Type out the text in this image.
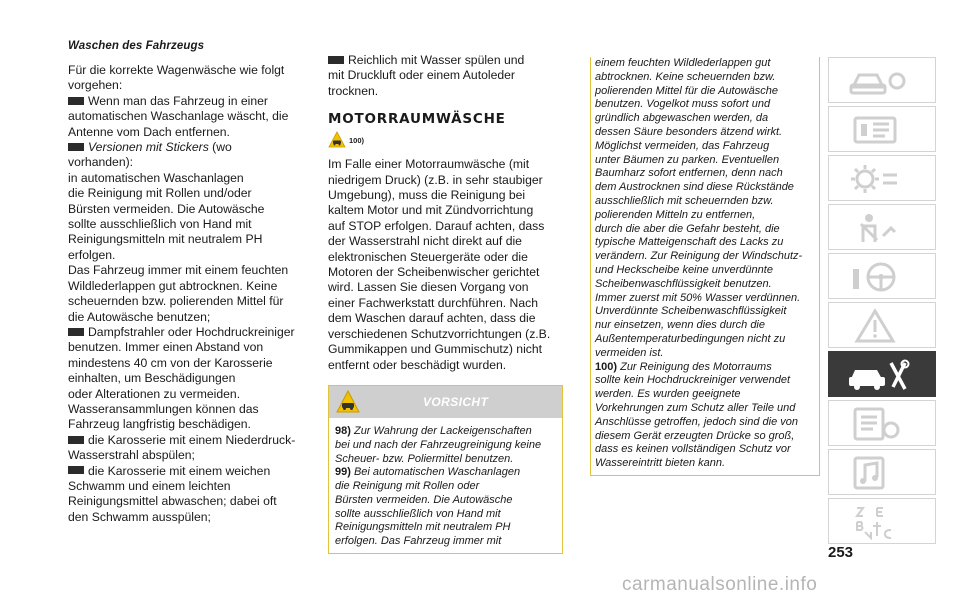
Waschen des Fahrzeugs

Für die korrekte Wagenwäsche wie folgt
vorgehen:

Wenn man das Fahrzeug in einer

automatischen Waschanlage wäscht, die
Antenne vom Dach entfernen.

Versionen mit Stickers (wo vorhanden):

in automatischen Waschanlagen
die Reinigung mit Rollen und/oder
Bürsten vermeiden. Die Autowäsche
sollte ausschließlich von Hand mit
Reinigungsmitteln mit neutralem PH
erfolgen.
Das Fahrzeug immer mit einem feuchten
Wildlederlappen gut abtrocknen. Keine
scheuernden bzw. polierenden Mittel für
die Autowäsche benutzen;

Dampfstrahler oder Hochdruckreiniger

benutzen. Immer einen Abstand von
mindestens 40 cm von der Karosserie
einhalten, um Beschädigungen
oder Alterationen zu vermeiden.
Wasseransammlungen können das
Fahrzeug langfristig beschädigen.

die Karosserie mit einem Niederdruck-

Wasserstrahl abspülen;

die Karosserie mit einem weichen

Schwamm und einem leichten
Reinigungsmittel abwaschen; dabei oft
den Schwamm ausspülen;

Reichlich mit Wasser spülen und

mit Druckluft oder einem Autoleder
trocknen.

MOTORRAUMWÄSCHE

100)

Im Falle einer Motorraumwäsche (mit
niedrigem Druck) (z.B. in sehr staubiger
Umgebung), muss die Reinigung bei
kaltem Motor und mit Zündvorrichtung
auf STOP erfolgen. Darauf achten, dass
der Wasserstrahl nicht direkt auf die
elektronischen Steuergeräte oder die
Motoren der Scheibenwischer gerichtet
wird. Lassen Sie diesen Vorgang von
einer Fachwerkstatt durchführen. Nach
dem Waschen darauf achten, dass die
verschiedenen Schutzvorrichtungen (z.B.
Gummikappen und Gummischutz) nicht
entfernt oder beschädigt wurden.

VORSICHT

98) Zur Wahrung der Lackeigenschaften
bei und nach der Fahrzeugreinigung keine
Scheuer- bzw. Poliermittel benutzen.

99) Bei automatischen Waschanlagen
die Reinigung mit Rollen oder
Bürsten vermeiden. Die Autowäsche
sollte ausschließlich von Hand mit
Reinigungsmitteln mit neutralem PH
erfolgen. Das Fahrzeug immer mit

einem feuchten Wildlederlappen gut
abtrocknen. Keine scheuernden bzw.
polierenden Mittel für die Autowäsche
benutzen. Vogelkot muss sofort und
gründlich abgewaschen werden, da
dessen Säure besonders ätzend wirkt.
Möglichst vermeiden, das Fahrzeug
unter Bäumen zu parken. Eventuellen
Baumharz sofort entfernen, denn nach
dem Austrocknen sind diese Rückstände
ausschließlich mit scheuernden bzw.
polierenden Mitteln zu entfernen,
durch die aber die Gefahr besteht, die
typische Matteigenschaft des Lacks zu
verändern. Zur Reinigung der Windschutz-
und Heckscheibe keine unverdünnte
Scheibenwaschflüssigkeit benutzen.
Immer zuerst mit 50% Wasser verdünnen.
Unverdünnte Scheibenwaschflüssigkeit
nur einsetzen, wenn dies durch die
Außentemperaturbedingungen nicht zu
vermeiden ist.

100) Zur Reinigung des Motorraums
sollte kein Hochdruckreiniger verwendet
werden. Es wurden geeignete
Vorkehrungen zum Schutz aller Teile und
Anschlüsse getroffen, jedoch sind die von
diesem Gerät erzeugten Drücke so groß,
dass es keinen vollständigen Schutz vor
Wassereintritt bieten kann.

253
carmanualsonline.info
